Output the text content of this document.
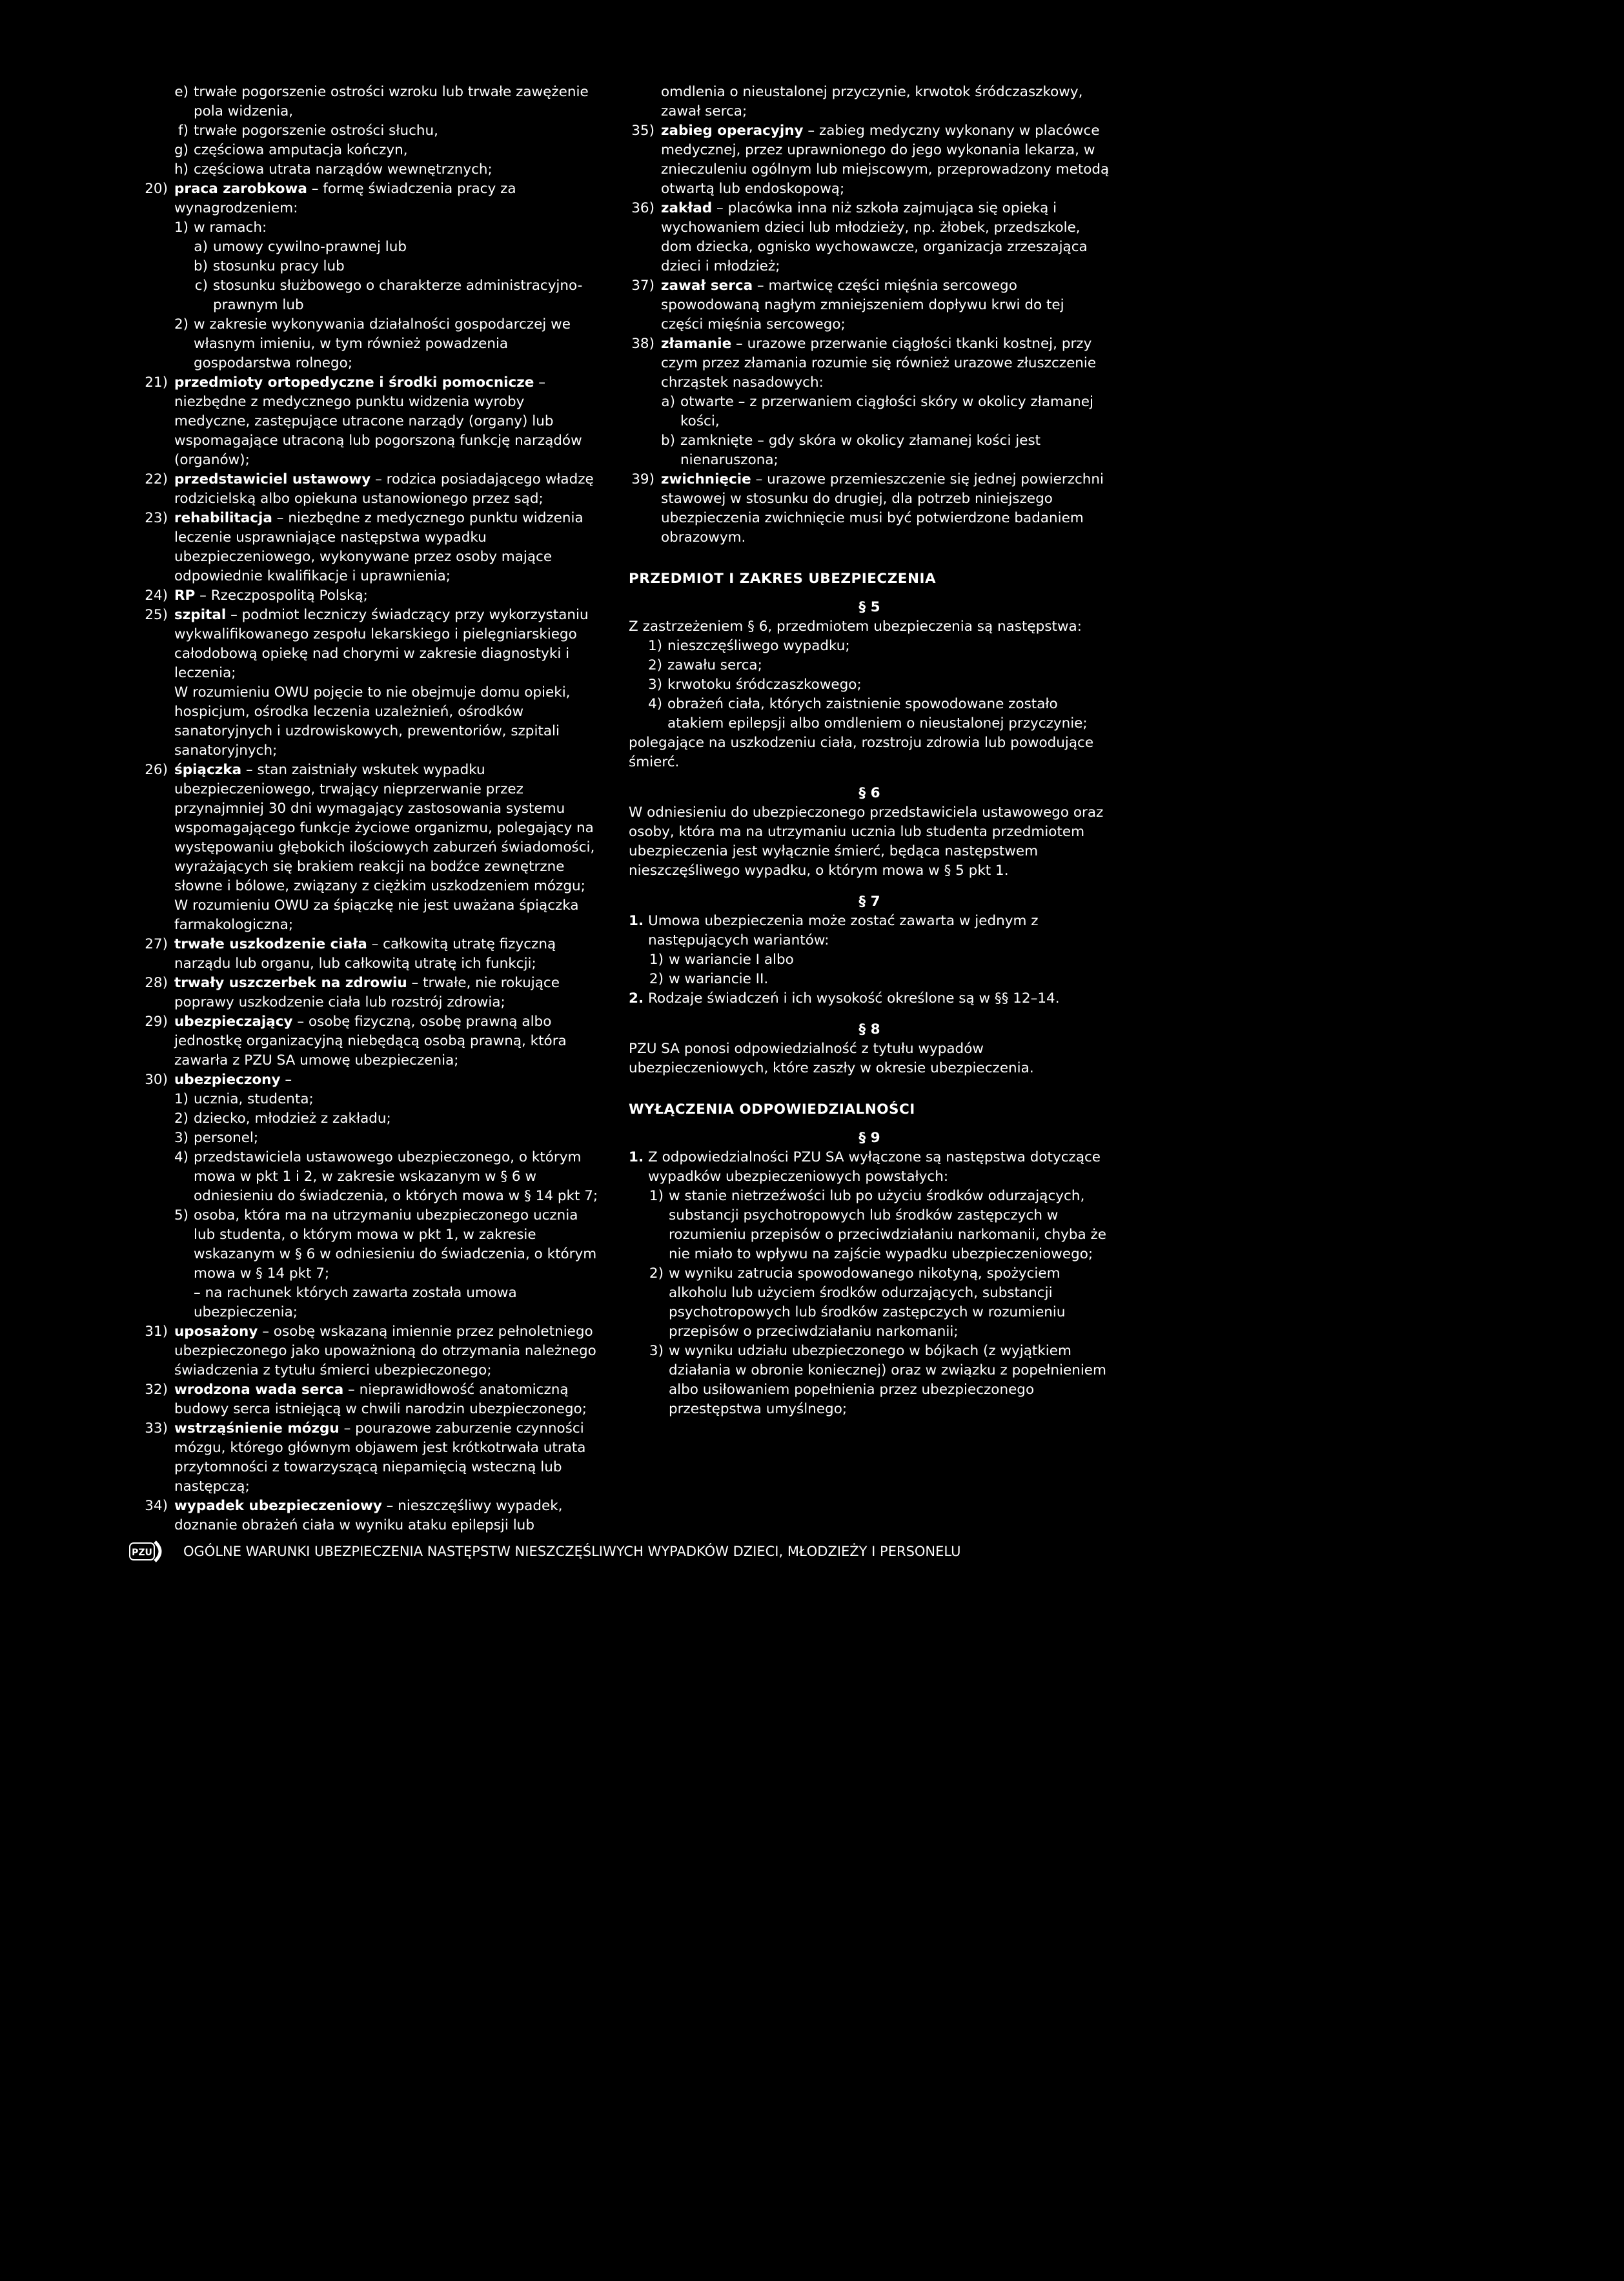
e) trwałe pogorszenie ostrości wzroku lub trwałe zawężenie pola widzenia,
f) trwałe pogorszenie ostrości słuchu,
g) częściowa amputacja kończyn,
h) częściowa utrata narządów wewnętrznych;
20) praca zarobkowa – formę świadczenia pracy za wynagrodzeniem:
1) w ramach:
a) umowy cywilno-prawnej lub
b) stosunku pracy lub
c) stosunku służbowego o charakterze administracyjno-prawnym lub
2) w zakresie wykonywania działalności gospodarczej we własnym imieniu, w tym również powadzenia gospodarstwa rolnego;
21) przedmioty ortopedyczne i środki pomocnicze – niezbędne z medycznego punktu widzenia wyroby medyczne, zastępujące utracone narządy (organy) lub wspomagające utraconą lub pogorszoną funkcję narządów (organów);
22) przedstawiciel ustawowy – rodzica posiadającego władzę rodzicielską albo opiekuna ustanowionego przez sąd;
23) rehabilitacja – niezbędne z medycznego punktu widzenia leczenie usprawniające następstwa wypadku ubezpieczeniowego, wykonywane przez osoby mające odpowiednie kwalifikacje i uprawnienia;
24) RP – Rzeczpospolitą Polską;
25) szpital – podmiot leczniczy świadczący przy wykorzystaniu wykwalifikowanego zespołu lekarskiego i pielęgniarskiego całodobową opiekę nad chorymi w zakresie diagnostyki i leczenia;
W rozumieniu OWU pojęcie to nie obejmuje domu opieki, hospicjum, ośrodka leczenia uzależnień, ośrodków sanatoryjnych i uzdrowiskowych, prewentoriów, szpitali sanatoryjnych;
26) śpiączka – stan zaistniały wskutek wypadku ubezpieczeniowego, trwający nieprzerwanie przez przynajmniej 30 dni wymagający zastosowania systemu wspomagającego funkcje życiowe organizmu, polegający na występowaniu głębokich ilościowych zaburzeń świadomości, wyrażających się brakiem reakcji na bodźce zewnętrzne słowne i bólowe, związany z ciężkim uszkodzeniem mózgu;
W rozumieniu OWU za śpiączkę nie jest uważana śpiączka farmakologiczna;
27) trwałe uszkodzenie ciała – całkowitą utratę fizyczną narządu lub organu, lub całkowitą utratę ich funkcji;
28) trwały uszczerbek na zdrowiu – trwałe, nie rokujące poprawy uszkodzenie ciała lub rozstrój zdrowia;
29) ubezpieczający – osobę fizyczną, osobę prawną albo jednostkę organizacyjną niebędącą osobą prawną, która zawarła z PZU SA umowę ubezpieczenia;
30) ubezpieczony –
1) ucznia, studenta;
2) dziecko, młodzież z zakładu;
3) personel;
4) przedstawiciela ustawowego ubezpieczonego, o którym mowa w pkt 1 i 2, w zakresie wskazanym w § 6 w odniesieniu do świadczenia, o których mowa w § 14 pkt 7;
5) osoba, która ma na utrzymaniu ubezpieczonego ucznia lub studenta, o którym mowa w pkt 1, w zakresie wskazanym w § 6 w odniesieniu do świadczenia, o którym mowa w § 14 pkt 7;
– na rachunek których zawarta została umowa ubezpieczenia;
31) uposażony – osobę wskazaną imiennie przez pełnoletniego ubezpieczonego jako upoważnioną do otrzymania należnego świadczenia z tytułu śmierci ubezpieczonego;
32) wrodzona wada serca – nieprawidłowość anatomiczną budowy serca istniejącą w chwili narodzin ubezpieczonego;
33) wstrząśnienie mózgu – pourazowe zaburzenie czynności mózgu, którego głównym objawem jest krótkotrwała utrata przytomności z towarzyszącą niepamięcią wsteczną lub następczą;
34) wypadek ubezpieczeniowy – nieszczęśliwy wypadek, doznanie obrażeń ciała w wyniku ataku epilepsji lub
omdlenia o nieustalonej przyczynie, krwotok śródczaszkowy, zawał serca;
35) zabieg operacyjny – zabieg medyczny wykonany w placówce medycznej, przez uprawnionego do jego wykonania lekarza, w znieczuleniu ogólnym lub miejscowym, przeprowadzony metodą otwartą lub endoskopową;
36) zakład – placówka inna niż szkoła zajmująca się opieką i wychowaniem dzieci lub młodzieży, np. żłobek, przedszkole, dom dziecka, ognisko wychowawcze, organizacja zrzeszająca dzieci i młodzież;
37) zawał serca – martwicę części mięśnia sercowego spowodowaną nagłym zmniejszeniem dopływu krwi do tej części mięśnia sercowego;
38) złamanie – urazowe przerwanie ciągłości tkanki kostnej, przy czym przez złamania rozumie się również urazowe złuszczenie chrząstek nasadowych:
a) otwarte – z przerwaniem ciągłości skóry w okolicy złamanej kości,
b) zamknięte – gdy skóra w okolicy złamanej kości jest nienaruszona;
39) zwichnięcie – urazowe przemieszczenie się jednej powierzchni stawowej w stosunku do drugiej, dla potrzeb niniejszego ubezpieczenia zwichnięcie musi być potwierdzone badaniem obrazowym.
PRZEDMIOT I ZAKRES UBEZPIECZENIA
§ 5
Z zastrzeżeniem § 6, przedmiotem ubezpieczenia są następstwa:
1) nieszczęśliwego wypadku;
2) zawału serca;
3) krwotoku śródczaszkowego;
4) obrażeń ciała, których zaistnienie spowodowane zostało atakiem epilepsji albo omdleniem o nieustalonej przyczynie;
polegające na uszkodzeniu ciała, rozstroju zdrowia lub powodujące śmierć.
§ 6
W odniesieniu do ubezpieczonego przedstawiciela ustawowego oraz osoby, która ma na utrzymaniu ucznia lub studenta przedmiotem ubezpieczenia jest wyłącznie śmierć, będąca następstwem nieszczęśliwego wypadku, o którym mowa w § 5 pkt 1.
§ 7
1. Umowa ubezpieczenia może zostać zawarta w jednym z następujących wariantów:
1) w wariancie I albo
2) w wariancie II.
2. Rodzaje świadczeń i ich wysokość określone są w §§ 12–14.
§ 8
PZU SA ponosi odpowiedzialność z tytułu wypadów ubezpieczeniowych, które zaszły w okresie ubezpieczenia.
WYŁĄCZENIA ODPOWIEDZIALNOŚCI
§ 9
1. Z odpowiedzialności PZU SA wyłączone są następstwa dotyczące wypadków ubezpieczeniowych powstałych:
1) w stanie nietrzeźwości lub po użyciu środków odurzających, substancji psychotropowych lub środków zastępczych w rozumieniu przepisów o przeciwdziałaniu narkomanii, chyba że nie miało to wpływu na zajście wypadku ubezpieczeniowego;
2) w wyniku zatrucia spowodowanego nikotyną, spożyciem alkoholu lub użyciem środków odurzających, substancji psychotropowych lub środków zastępczych w rozumieniu przepisów o przeciwdziałaniu narkomanii;
3) w wyniku udziału ubezpieczonego w bójkach (z wyjątkiem działania w obronie koniecznej) oraz w związku z popełnieniem albo usiłowaniem popełnienia przez ubezpieczonego przestępstwa umyślnego;
PZU OGÓLNE WARUNKI UBEZPIECZENIA NASTĘPSTW NIESZCZĘŚLIWYCH WYPADKÓW DZIECI, MŁODZIEŻY I PERSONELU
